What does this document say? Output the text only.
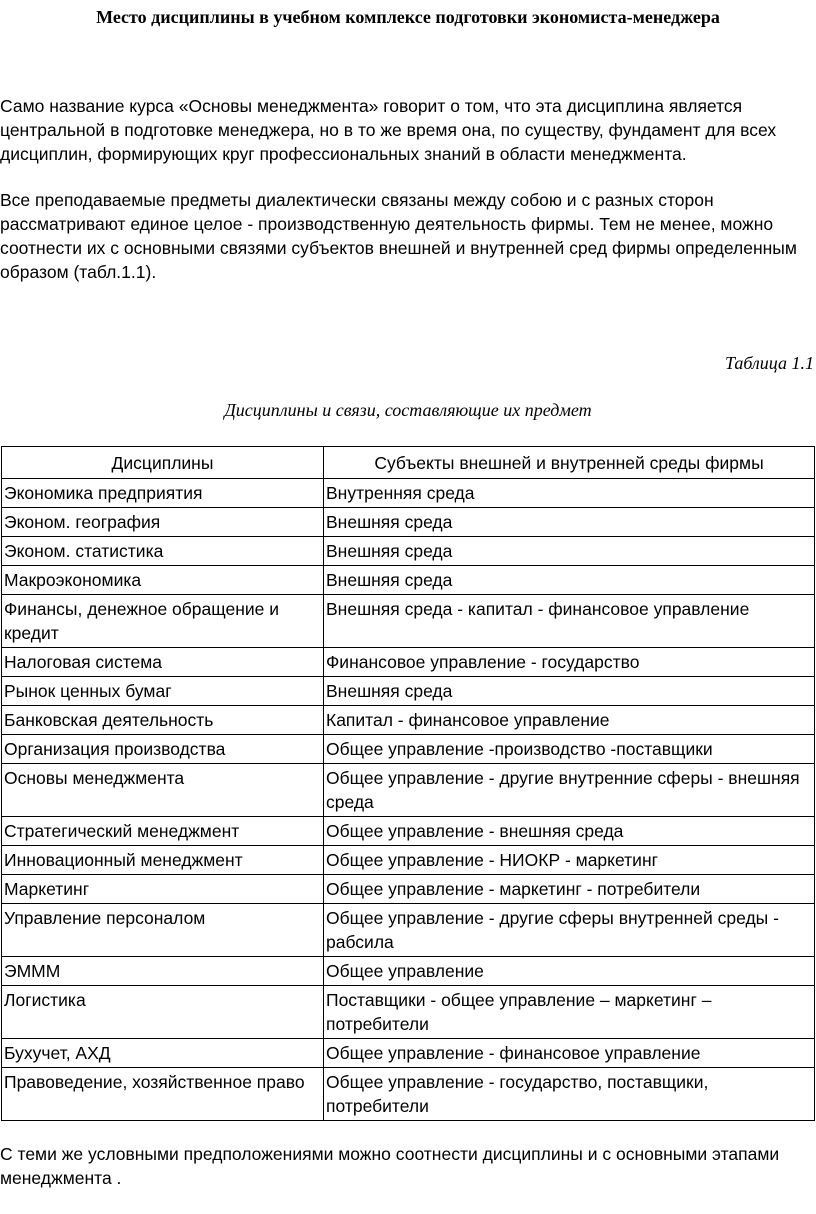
Место дисциплины в учебном комплексе подготовки экономиста-менеджера
Само название курса «Основы менеджмента» говорит о том, что эта дисциплина является центральной в подготовке менеджера, но в то же время она, по существу, фундамент для всех дисциплин, формирующих круг профессиональных знаний в области менеджмента.
Все преподаваемые предметы диалектически связаны между собою и с разных сторон рассматривают единое целое - производственную деятельность фирмы. Тем не менее, можно соотнести их с основными связями субъектов внешней и внутренней сред фирмы определенным образом (табл.1.1).
Таблица 1.1
Дисциплины и связи, составляющие их предмет
Дисциплины	Субъекты внешней и внутренней среды фирмы
Экономика предприятия	Внутренняя среда
Эконом. география	Внешняя среда
Эконом. статистика	Внешняя среда
Макроэкономика	Внешняя среда
Финансы, денежное обращение и кредит	Внешняя среда - капитал - финансовое управление
Налоговая система	Финансовое управление - государство
Рынок ценных бумаг	Внешняя среда
Банковская деятельность	Капитал - финансовое управление
Организация производства	Общее управление -производство -поставщики
Основы менеджмента	Общее управление - другие внутренние сферы - внешняя среда
Стратегический менеджмент	Общее управление - внешняя среда
Инновационный менеджмент	Общее управление - НИОКР - маркетинг
Маркетинг	Общее управление - маркетинг - потребители
Управление персоналом	Общее управление - другие сферы внутренней среды - рабсила
ЭМММ	Общее управление
Логистика	Поставщики - общее управление – маркетинг – потребители
Бухучет, АХД	Общее управление - финансовое управление
Правоведение, хозяйственное право	Общее управление - государство, поставщики, потребители
С теми же условными предположениями можно соотнести дисциплины и с основными этапами менеджмента .
